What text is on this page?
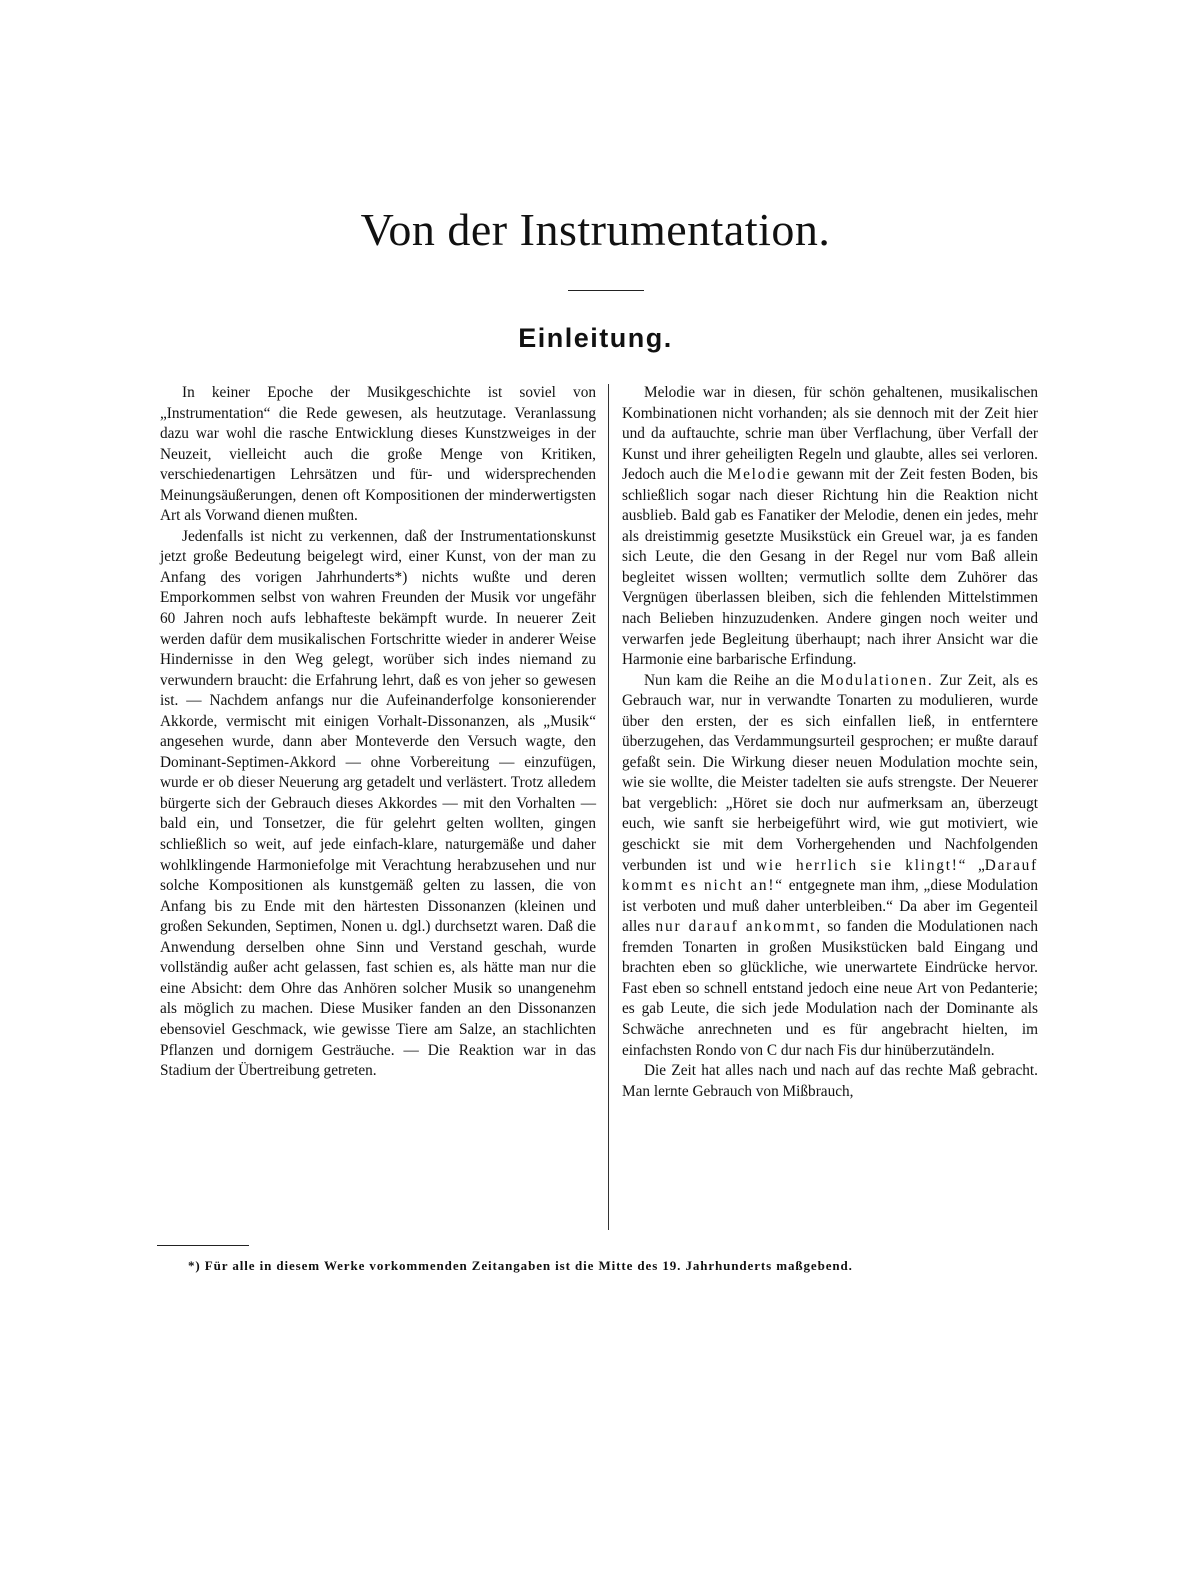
Von der Instrumentation.
Einleitung.

In keiner Epoche der Musikgeschichte ist soviel von „Instrumentation“ die Rede gewesen, als heutzutage. Veranlassung dazu war wohl die rasche Entwicklung dieses Kunstzweiges in der Neuzeit, vielleicht auch die große Menge von Kritiken, verschiedenartigen Lehrsätzen und für- und widersprechenden Meinungsäußerungen, denen oft Kompositionen der minderwertigsten Art als Vorwand dienen mußten.

Jedenfalls ist nicht zu verkennen, daß der Instrumentationskunst jetzt große Bedeutung beigelegt wird, einer Kunst, von der man zu Anfang des vorigen Jahrhunderts*) nichts wußte und deren Emporkommen selbst von wahren Freunden der Musik vor ungefähr 60 Jahren noch aufs lebhafteste bekämpft wurde. In neuerer Zeit werden dafür dem musikalischen Fortschritte wieder in anderer Weise Hindernisse in den Weg gelegt, worüber sich indes niemand zu verwundern braucht: die Erfahrung lehrt, daß es von jeher so gewesen ist. — Nachdem anfangs nur die Aufeinanderfolge konsonierender Akkorde, vermischt mit einigen Vorhalt-Dissonanzen, als „Musik“ angesehen wurde, dann aber Monteverde den Versuch wagte, den Dominant-Septimen-Akkord — ohne Vorbereitung — einzufügen, wurde er ob dieser Neuerung arg getadelt und verlästert. Trotz alledem bürgerte sich der Gebrauch dieses Akkordes — mit den Vorhalten — bald ein, und Tonsetzer, die für gelehrt gelten wollten, gingen schließlich so weit, auf jede einfach-klare, naturgemäße und daher wohlklingende Harmoniefolge mit Verachtung herabzusehen und nur solche Kompositionen als kunstgemäß gelten zu lassen, die von Anfang bis zu Ende mit den härtesten Dissonanzen (kleinen und großen Sekunden, Septimen, Nonen u. dgl.) durchsetzt waren. Daß die Anwendung derselben ohne Sinn und Verstand geschah, wurde vollständig außer acht gelassen, fast schien es, als hätte man nur die eine Absicht: dem Ohre das Anhören solcher Musik so unangenehm als möglich zu machen. Diese Musiker fanden an den Dissonanzen ebensoviel Geschmack, wie gewisse Tiere am Salze, an stachlichten Pflanzen und dornigem Gesträuche. — Die Reaktion war in das Stadium der Übertreibung getreten.

Melodie war in diesen, für schön gehaltenen, musikalischen Kombinationen nicht vorhanden; als sie dennoch mit der Zeit hier und da auftauchte, schrie man über Verflachung, über Verfall der Kunst und ihrer geheiligten Regeln und glaubte, alles sei verloren. Jedoch auch die Melodie gewann mit der Zeit festen Boden, bis schließlich sogar nach dieser Richtung hin die Reaktion nicht ausblieb. Bald gab es Fanatiker der Melodie, denen ein jedes, mehr als dreistimmig gesetzte Musikstück ein Greuel war, ja es fanden sich Leute, die den Gesang in der Regel nur vom Baß allein begleitet wissen wollten; vermutlich sollte dem Zuhörer das Vergnügen überlassen bleiben, sich die fehlenden Mittelstimmen nach Belieben hinzuzudenken. Andere gingen noch weiter und verwarfen jede Begleitung überhaupt; nach ihrer Ansicht war die Harmonie eine barbarische Erfindung.

Nun kam die Reihe an die Modulationen. Zur Zeit, als es Gebrauch war, nur in verwandte Tonarten zu modulieren, wurde über den ersten, der es sich einfallen ließ, in entferntere überzugehen, das Verdammungsurteil gesprochen; er mußte darauf gefaßt sein. Die Wirkung dieser neuen Modulation mochte sein, wie sie wollte, die Meister tadelten sie aufs strengste. Der Neuerer bat vergeblich: „Höret sie doch nur aufmerksam an, überzeugt euch, wie sanft sie herbeigeführt wird, wie gut motiviert, wie geschickt sie mit dem Vorhergehenden und Nachfolgenden verbunden ist und wie herrlich sie klingt!“ „Darauf kommt es nicht an!“ entgegnete man ihm, „diese Modulation ist verboten und muß daher unterbleiben.“ Da aber im Gegenteil alles nur darauf ankommt, so fanden die Modulationen nach fremden Tonarten in großen Musikstücken bald Eingang und brachten eben so glückliche, wie unerwartete Eindrücke hervor. Fast eben so schnell entstand jedoch eine neue Art von Pedanterie; es gab Leute, die sich jede Modulation nach der Dominante als Schwäche anrechneten und es für angebracht hielten, im einfachsten Rondo von C dur nach Fis dur hinüberzutändeln.

Die Zeit hat alles nach und nach auf das rechte Maß gebracht. Man lernte Gebrauch von Mißbrauch,

*) Für alle in diesem Werke vorkommenden Zeitangaben ist die Mitte des 19. Jahrhunderts maßgebend.
